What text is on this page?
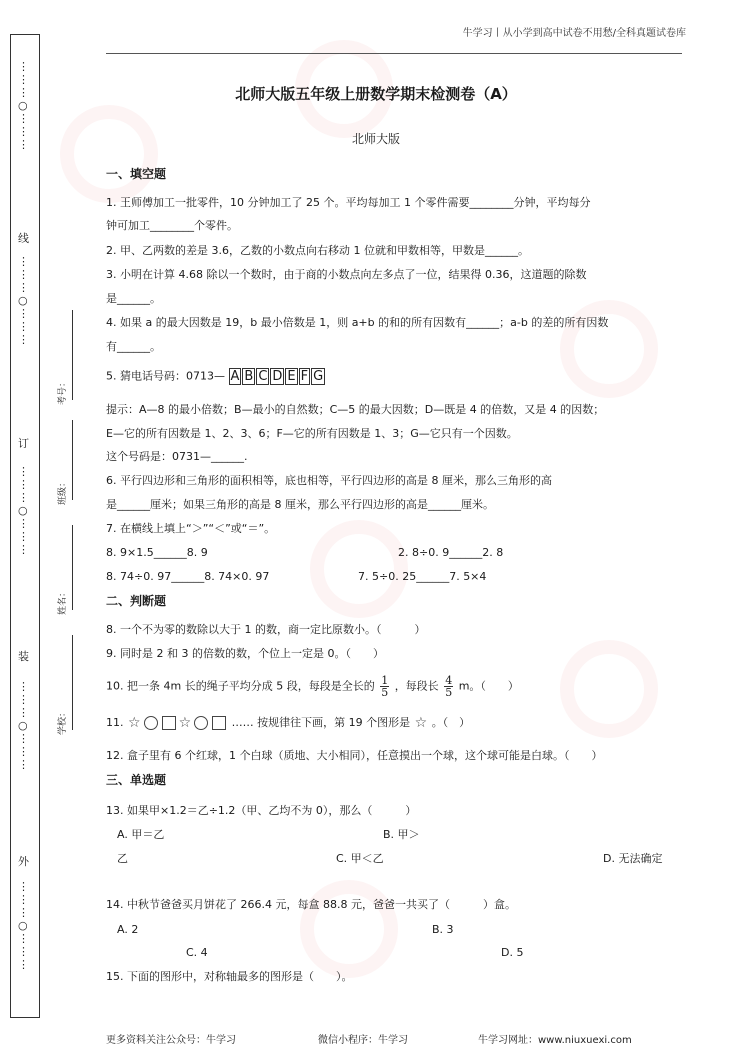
⋮
⋮
⋮
○
⋮
⋮
⋮
线
⋮
⋮
⋮
○
⋮
⋮
⋮
订
⋮
⋮
⋮
○
⋮
⋮
⋮
装
⋮
⋮
⋮
○
⋮
⋮
⋮
外
⋮
⋮
⋮
○
⋮
⋮
⋮
考号：
班级：
姓名：
学校：
牛学习丨从小学到高中试卷不用愁/全科真题试卷库
北师大版五年级上册数学期末检测卷（A）
北师大版
一、填空题
1. 王师傅加工一批零件，10 分钟加工了 25 个。平均每加工 1 个零件需要________分钟，平均每分
钟可加工________个零件。
2. 甲、乙两数的差是 3.6，乙数的小数点向右移动 1 位就和甲数相等，甲数是______。
3. 小明在计算 4.68 除以一个数时，由于商的小数点向左多点了一位，结果得 0.36，这道题的除数
是______。
4. 如果 a 的最大因数是 19，b 最小倍数是 1，则 a+b 的和的所有因数有______；a-b 的差的所有因数
有______。
5. 猜电话号码：0713— A B C D E F G
提示：A—8 的最小倍数；B—最小的自然数；C—5 的最大因数；D—既是 4 的倍数，又是 4 的因数；
E—它的所有因数是 1、2、3、6；F—它的所有因数是 1、3；G—它只有一个因数。
这个号码是：0731—______.
6. 平行四边形和三角形的面积相等，底也相等，平行四边形的高是 8 厘米，那么三角形的高
是______厘米；如果三角形的高是 8 厘米，那么平行四边形的高是______厘米。
7. 在横线上填上“＞”“＜”或“＝”。
8. 9×1.5______8. 9	2. 8÷0. 9______2. 8
8. 74÷0. 97______8. 74×0. 97	7. 5÷0. 25______7. 5×4
二、判断题
8. 一个不为零的数除以大于 1 的数，商一定比原数小。（　　　）
9. 同时是 2 和 3 的倍数的数，个位上一定是 0。（　　）
10. 把一条 4m 长的绳子平均分成 5 段，每段是全长的 $\frac{1}{5}$ ，每段长 $\frac{4}{5}$ m。（　　）
11. ☆	☆	…… 按规律往下画，第 19 个图形是 ☆ 。（　）
12. 盒子里有 6 个红球，1 个白球（质地、大小相同），任意摸出一个球，这个球可能是白球。（　　）
三、单选题
13. 如果甲×1.2＝乙÷1.2（甲、乙均不为 0），那么（　　　）
A. 甲＝乙	B. 甲＞
乙	C. 甲＜乙	D. 无法确定
14. 中秋节爸爸买月饼花了 266.4 元，每盒 88.8 元，爸爸一共买了（　　　）盒。
A. 2	B. 3
C. 4	D. 5
15. 下面的图形中，对称轴最多的图形是（　　）。
更多资料关注公众号：牛学习	微信小程序：牛学习	牛学习网址：www.niuxuexi.com
